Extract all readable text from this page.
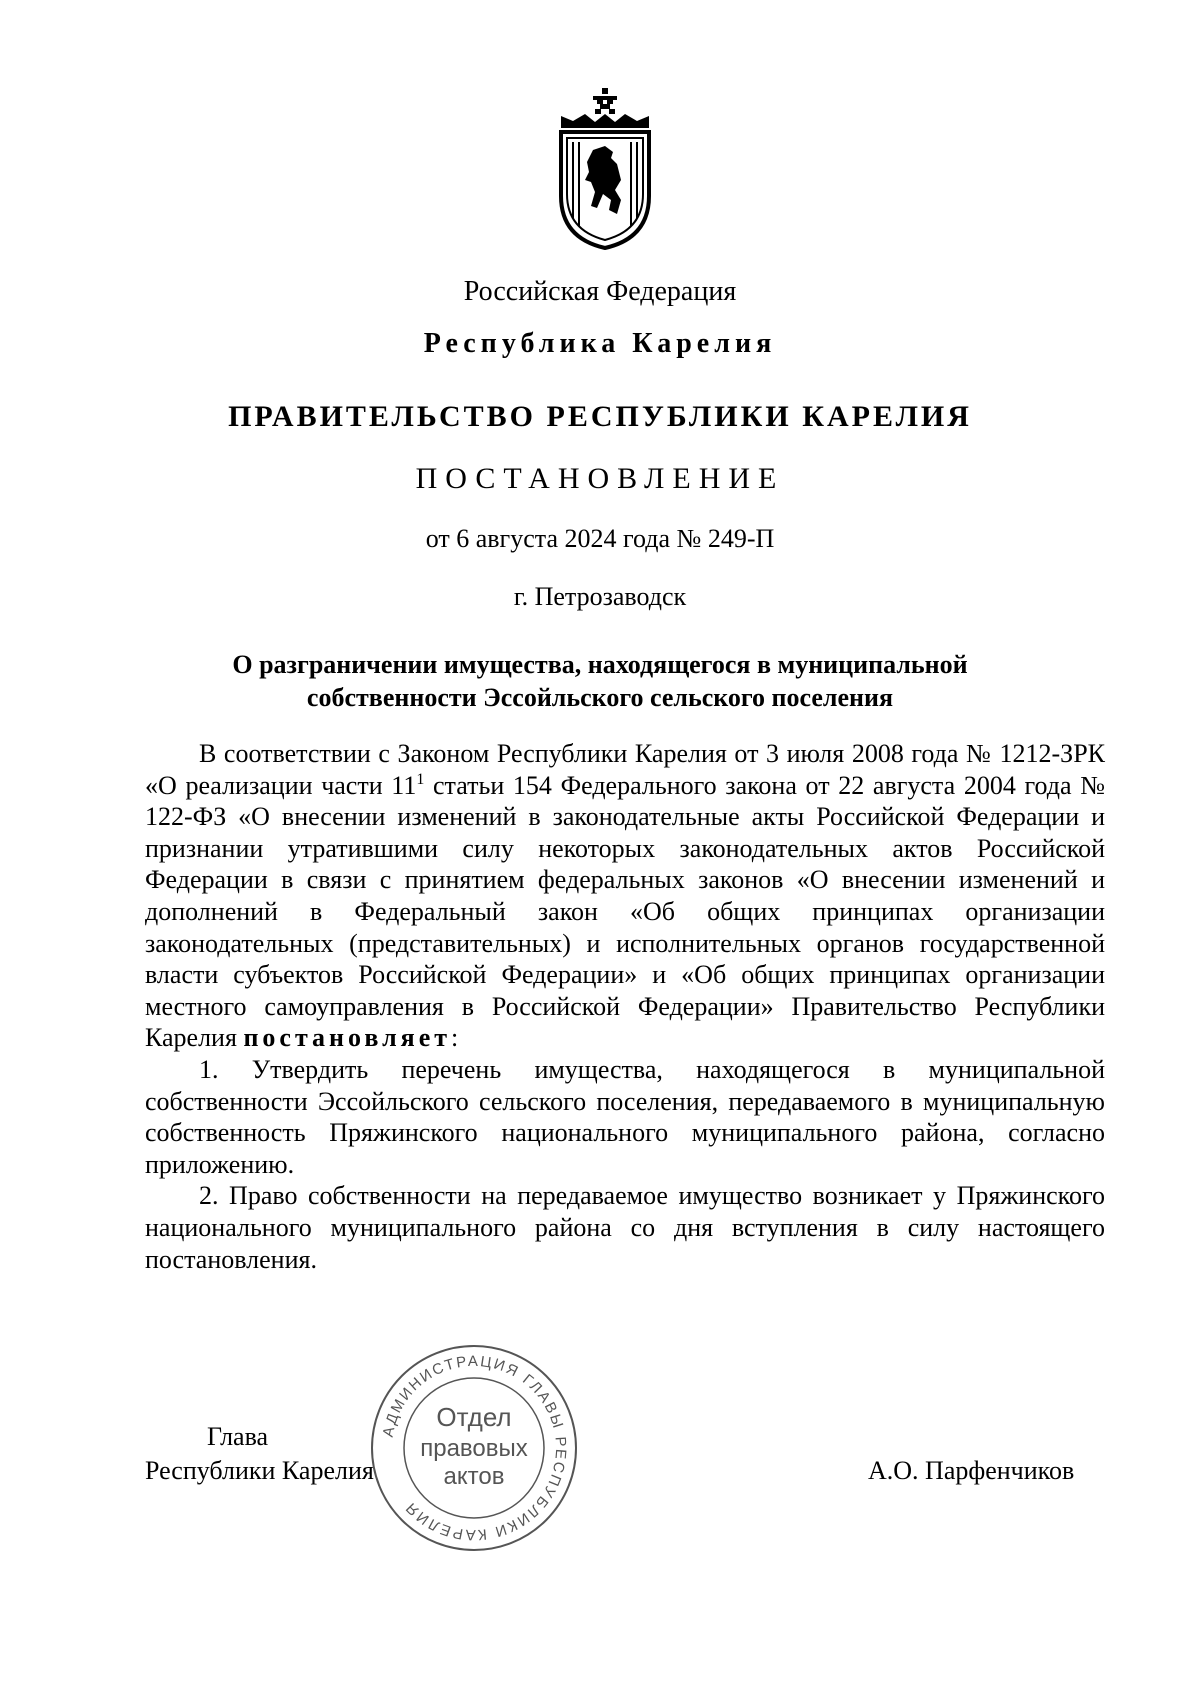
Российская Федерация
Республика Карелия
ПРАВИТЕЛЬСТВО РЕСПУБЛИКИ КАРЕЛИЯ
ПОСТАНОВЛЕНИЕ
от 6 августа 2024 года № 249-П
г. Петрозаводск
О разграничении имущества, находящегося в муниципальной
собственности Эссойльского сельского поселения

В соответствии с Законом Республики Карелия от 3 июля 2008 года № 1212-ЗРК «О реализации части $11^1$ статьи 154 Федерального закона от 22 августа 2004 года № 122-ФЗ «О внесении изменений в законодательные акты Российской Федерации и признании утратившими силу некоторых законодательных актов Российской Федерации в связи с принятием федеральных законов «О внесении изменений и дополнений в Федеральный закон «Об общих принципах организации законодательных (представительных) и исполнительных органов государственной власти субъектов Российской Федерации» и «Об общих принципах организации местного самоуправления в Российской Федерации» Правительство Республики Карелия постановляет:

1. Утвердить перечень имущества, находящегося в муниципальной собственности Эссойльского сельского поселения, передаваемого в муниципальную собственность Пряжинского национального муниципального района, согласно приложению.

2. Право собственности на передаваемое имущество возникает у Пряжинского национального муниципального района со дня вступления в силу настоящего постановления.

Глава
Республики Карелия	А.О. Парфенчиков
АДМИНИСТРАЦИЯ ГЛАВЫ РЕСПУБЛИКИ КАРЕЛИЯ
Отдел
правовых
актов
